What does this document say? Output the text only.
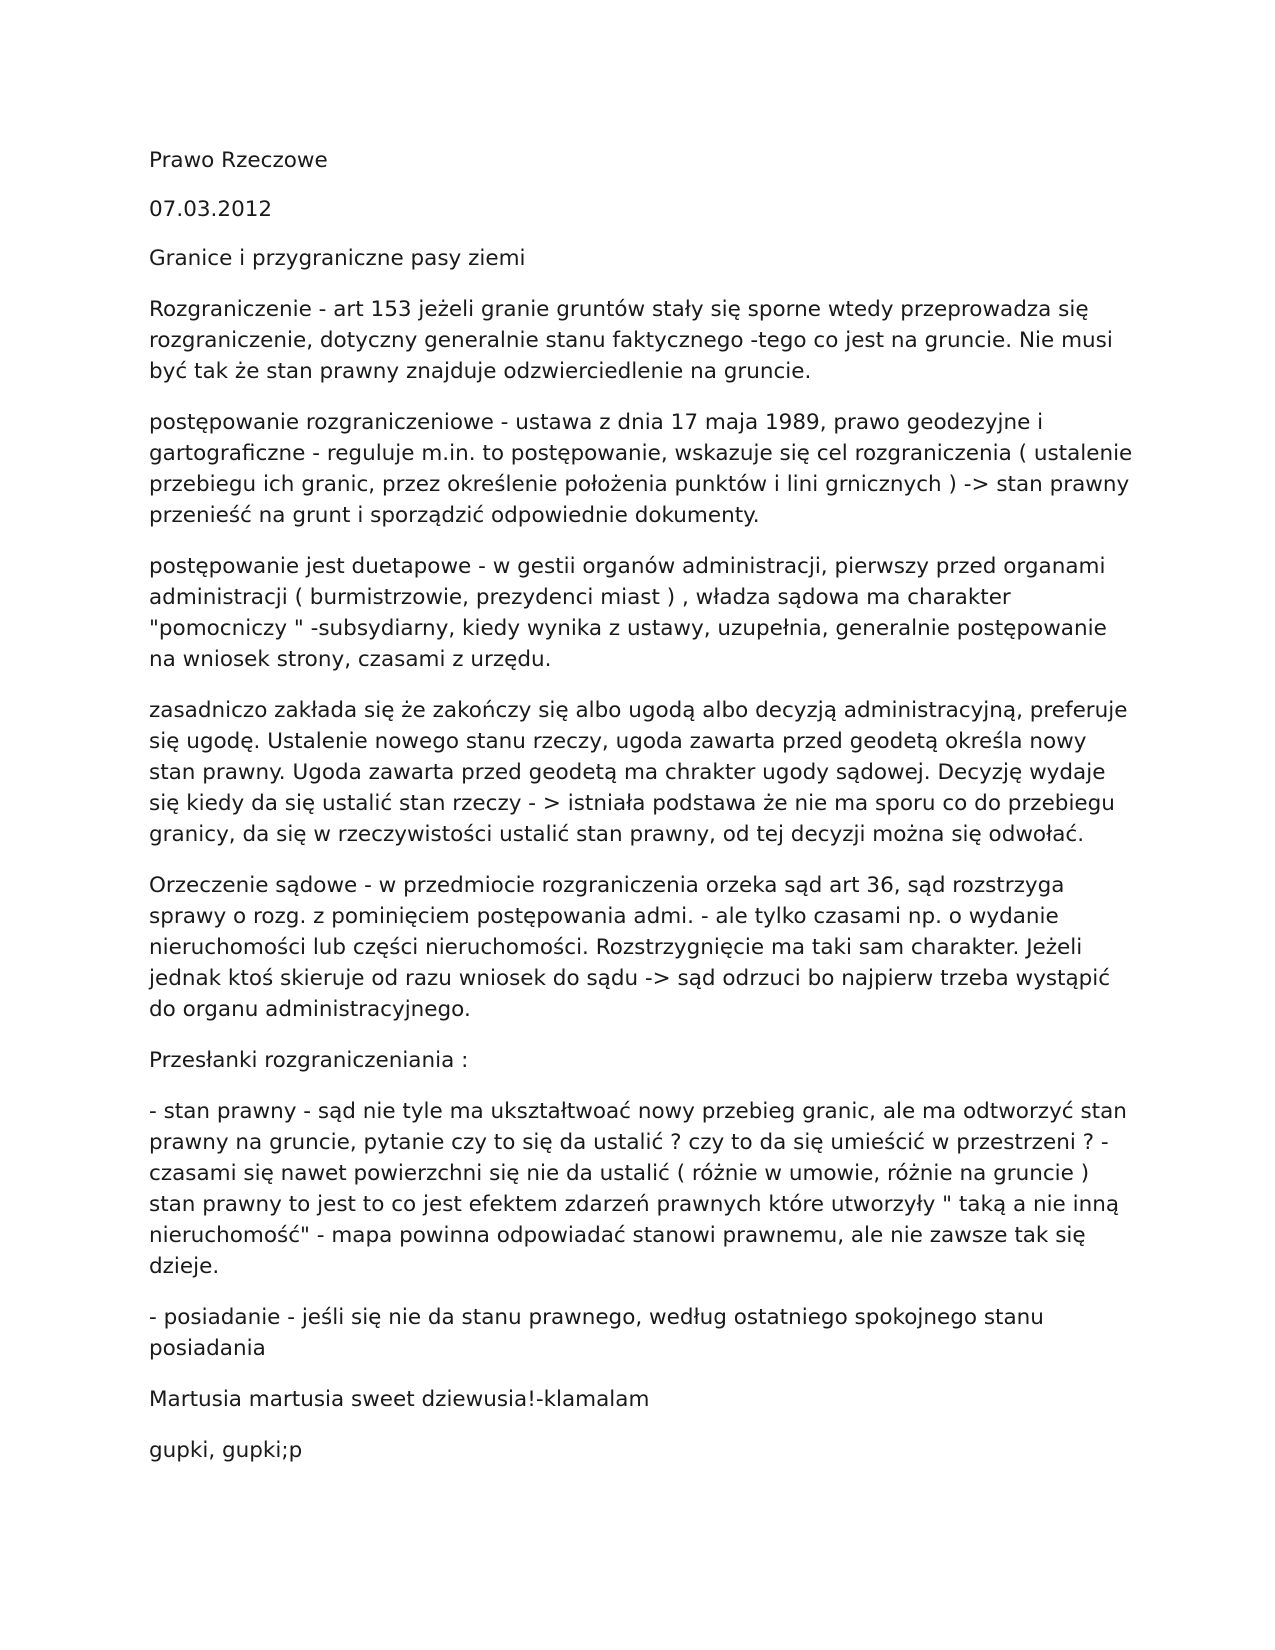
Prawo Rzeczowe

07.03.2012

Granice i przygraniczne pasy ziemi

Rozgraniczenie - art 153 jeżeli granie gruntów stały się sporne wtedy przeprowadza się rozgraniczenie, dotyczny generalnie stanu faktycznego -tego co jest na gruncie. Nie musi być tak że stan prawny znajduje odzwierciedlenie na gruncie.

postępowanie rozgraniczeniowe - ustawa z dnia 17 maja 1989, prawo geodezyjne i gartograficzne - reguluje m.in. to postępowanie, wskazuje się cel rozgraniczenia ( ustalenie przebiegu ich granic, przez określenie położenia punktów i lini grnicznych ) -> stan prawny przenieść na grunt i sporządzić odpowiednie dokumenty.

postępowanie jest duetapowe - w gestii organów administracji, pierwszy przed organami administracji ( burmistrzowie, prezydenci miast ) , władza sądowa ma charakter "pomocniczy " -subsydiarny, kiedy wynika z ustawy, uzupełnia, generalnie postępowanie na wniosek strony, czasami z urzędu.

zasadniczo zakłada się że zakończy się albo ugodą albo decyzją administracyjną, preferuje się ugodę. Ustalenie nowego stanu rzeczy, ugoda zawarta przed geodetą określa nowy stan prawny. Ugoda zawarta przed geodetą ma chrakter ugody sądowej. Decyzję wydaje się kiedy da się ustalić stan rzeczy - > istniała podstawa że nie ma sporu co do przebiegu granicy, da się w rzeczywistości ustalić stan prawny, od tej decyzji można się odwołać.

Orzeczenie sądowe - w przedmiocie rozgraniczenia orzeka sąd art 36, sąd rozstrzyga sprawy o rozg. z pominięciem postępowania admi. - ale tylko czasami np. o wydanie nieruchomości lub części nieruchomości. Rozstrzygnięcie ma taki sam charakter. Jeżeli jednak ktoś skieruje od razu wniosek do sądu -> sąd odrzuci bo najpierw trzeba wystąpić do organu administracyjnego.

Przesłanki rozgraniczeniania :

- stan prawny - sąd nie tyle ma ukształtwoać nowy przebieg granic, ale ma odtworzyć stan prawny na gruncie, pytanie czy to się da ustalić ? czy to da się umieścić w przestrzeni ? - czasami się nawet powierzchni się nie da ustalić ( różnie w umowie, różnie na gruncie ) stan prawny to jest to co jest efektem zdarzeń prawnych które utworzyły " taką a nie inną nieruchomość" - mapa powinna odpowiadać stanowi prawnemu, ale nie zawsze tak się dzieje.

- posiadanie - jeśli się nie da stanu prawnego, według ostatniego spokojnego stanu posiadania

Martusia martusia sweet dziewusia!-klamalam

gupki, gupki;p
